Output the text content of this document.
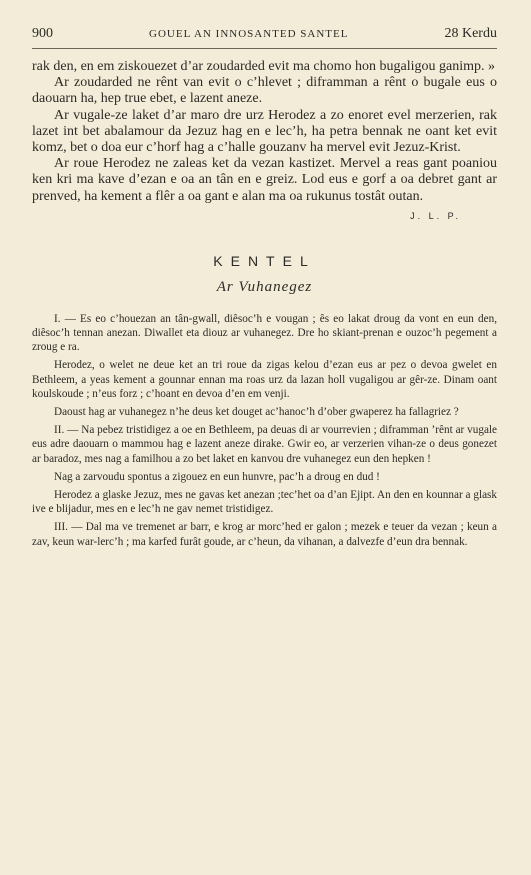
900	GOUEL AN INNOSANTED SANTEL	28 Kerdu

rak den, en em ziskouezet d’ar zoudarded evit ma chomo hon bugaligou ganimp. »

Ar zoudarded ne rênt van evit o c’hlevet ; diframman a rênt o bugale eus o daouarn ha, hep true ebet, e lazent aneze.

Ar vugale-ze laket d’ar maro dre urz Herodez a zo enoret evel merzerien, rak lazet int bet abalamour da Jezuz hag en e lec’h, ha petra bennak ne oant ket evit komz, bet o doa eur c’horf hag a c’halle gouzanv ha mervel evit Jezuz-Krist.

Ar roue Herodez ne zaleas ket da vezan kastizet. Mervel a reas gant poaniou ken kri ma kave d’ezan e oa an tân en e greiz. Lod eus e gorf a oa debret gant ar prenved, ha kement a flêr a oa gant e alan ma oa rukunus tostât outan.

J. L. P.
KENTEL
Ar Vuhanegez

I. — Es eo c’houezan an tân-gwall, diêsoc’h e vougan ; ês eo lakat droug da vont en eun den, diêsoc’h tennan anezan. Diwallet eta diouz ar vuhanegez. Dre ho skiant-prenan e ouzoc’h pegement a zroug e ra.

Herodez, o welet ne deue ket an tri roue da zigas kelou d’ezan eus ar pez o devoa gwelet en Bethleem, a yeas kement a gounnar ennan ma roas urz da lazan holl vugaligou ar gêr-ze. Dinam oant koulskoude ; n’eus forz ; c’hoant en devoa d’en em venji.

Daoust hag ar vuhanegez n’he deus ket douget ac’hanoc’h d’ober gwaperez ha fallagriez ?

II. — Na pebez tristidigez a oe en Bethleem, pa deuas di ar vourrevien ; diframman ’rênt ar vugale eus adre daouarn o mammou hag e lazent aneze dirake. Gwir eo, ar verzerien vihan-ze o deus gonezet ar baradoz, mes nag a familhou a zo bet laket en kanvou dre vuhanegez eun den hepken !

Nag a zarvoudu spontus a zigouez en eun hunvre, pac’h a droug en dud !

Herodez a glaske Jezuz, mes ne gavas ket anezan ;tec’het oa d’an Ejipt. An den en kounnar a glask ive e blijadur, mes en e lec’h ne gav nemet tristidigez.

III. — Dal ma ve tremenet ar barr, e krog ar morc’hed er galon ; mezek e teuer da vezan ; keun a zav, keun war-lerc’h ; ma karfed furât goude, ar c’heun, da vihanan, a dalvezfe d’eun dra bennak.
